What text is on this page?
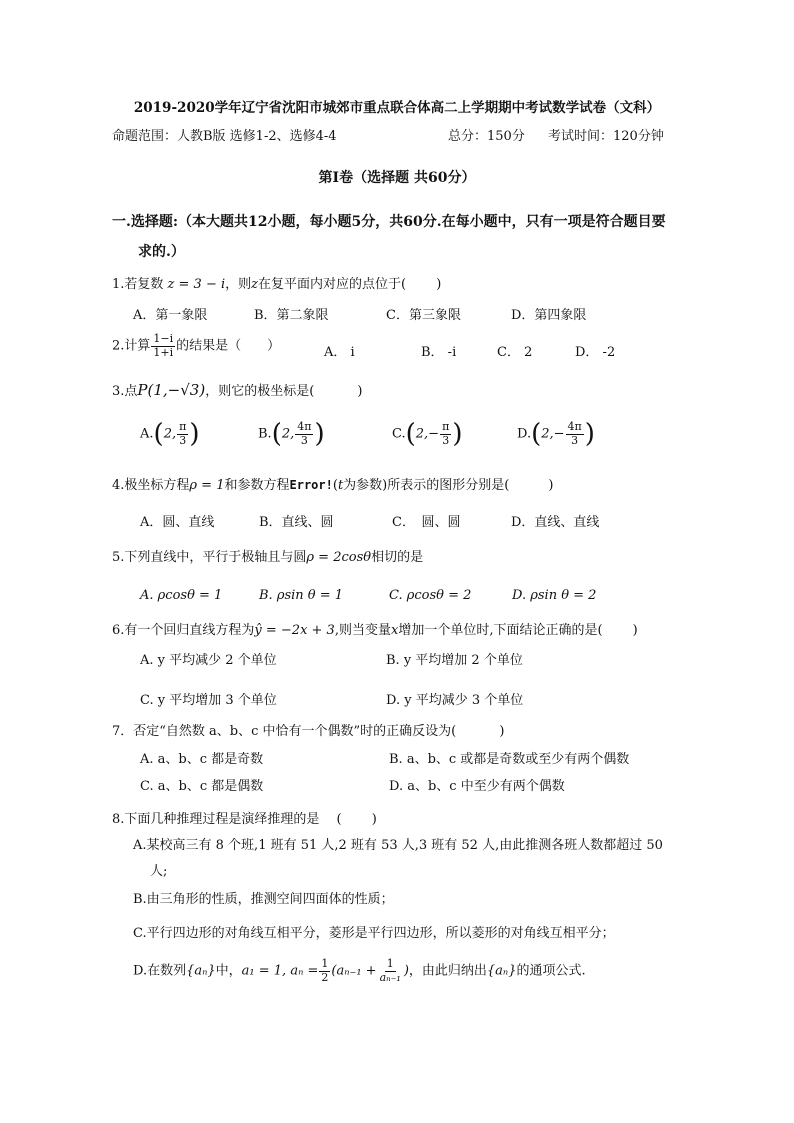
2019-2020学年辽宁省沈阳市城郊市重点联合体高二上学期期中考试数学试卷（文科）
命题范围：人教B版 选修1-2、选修4-4	总分：150分 考试时间：120分钟
第Ⅰ卷（选择题 共60分）
一.选择题:（本大题共12小题，每小题5分，共60分.在每小题中，只有一项是符合题目要
求的.）
1.若复数 z = 3 − i，则z在复平面内对应的点位于(　　 )
A．第一象限	B．第二象限	C．第三象限	D．第四象限
2.计算 $\frac{1-i}{1+i}$ 的结果是（　　）	A． i	B． -i	C． 2	D． -2
3.点P(1,−√3)，则它的极坐标是(　　　 )
A.(2, $\frac{\pi}{3}$ )	B.(2, $\frac{4\pi}{3}$ )	$C.(2,- \frac{\pi}{3}$ )	$D.(2,- \frac{4\pi}{3}$ )
4.极坐标方程ρ = 1和参数方程Error!(t为参数)所表示的图形分别是(　　　)
A．圆、直线	B．直线、圆	C．　圆、圆	D．直线、直线
5.下列直线中，平行于极轴且与圆ρ = 2cosθ相切的是
A. ρcosθ = 1	B. ρsin θ = 1	C. ρcosθ = 2	D. ρsin θ = 2
6.有一个回归直线方程为ŷ = −2x + 3,则当变量x增加一个单位时,下面结论正确的是(　　 )
A. y 平均减少 2 个单位	B. y 平均增加 2 个单位
C. y 平均增加 3 个单位	D. y 平均减少 3 个单位
7．否定“自然数 a、b、c 中恰有一个偶数”时的正确反设为(　　　 )
A. a、b、c 都是奇数	B. a、b、c 或都是奇数或至少有两个偶数
C. a、b、c 都是偶数	D. a、b、c 中至少有两个偶数
8.下面几种推理过程是演绎推理的是　 (　　 )
A.某校高三有 8 个班,1 班有 51 人,2 班有 53 人,3 班有 52 人,由此推测各班人数都超过 50
人;
B.由三角形的性质，推测空间四面体的性质；
C.平行四边形的对角线互相平分，菱形是平行四边形，所以菱形的对角线互相平分；
D.在数列{aₙ}中，a₁ = 1, $a_n = \frac{1}{2} (a_{n-1} + \frac{1}{\text{aₙ₋₁}}$ )，由此归纳出{aₙ}的通项公式.
